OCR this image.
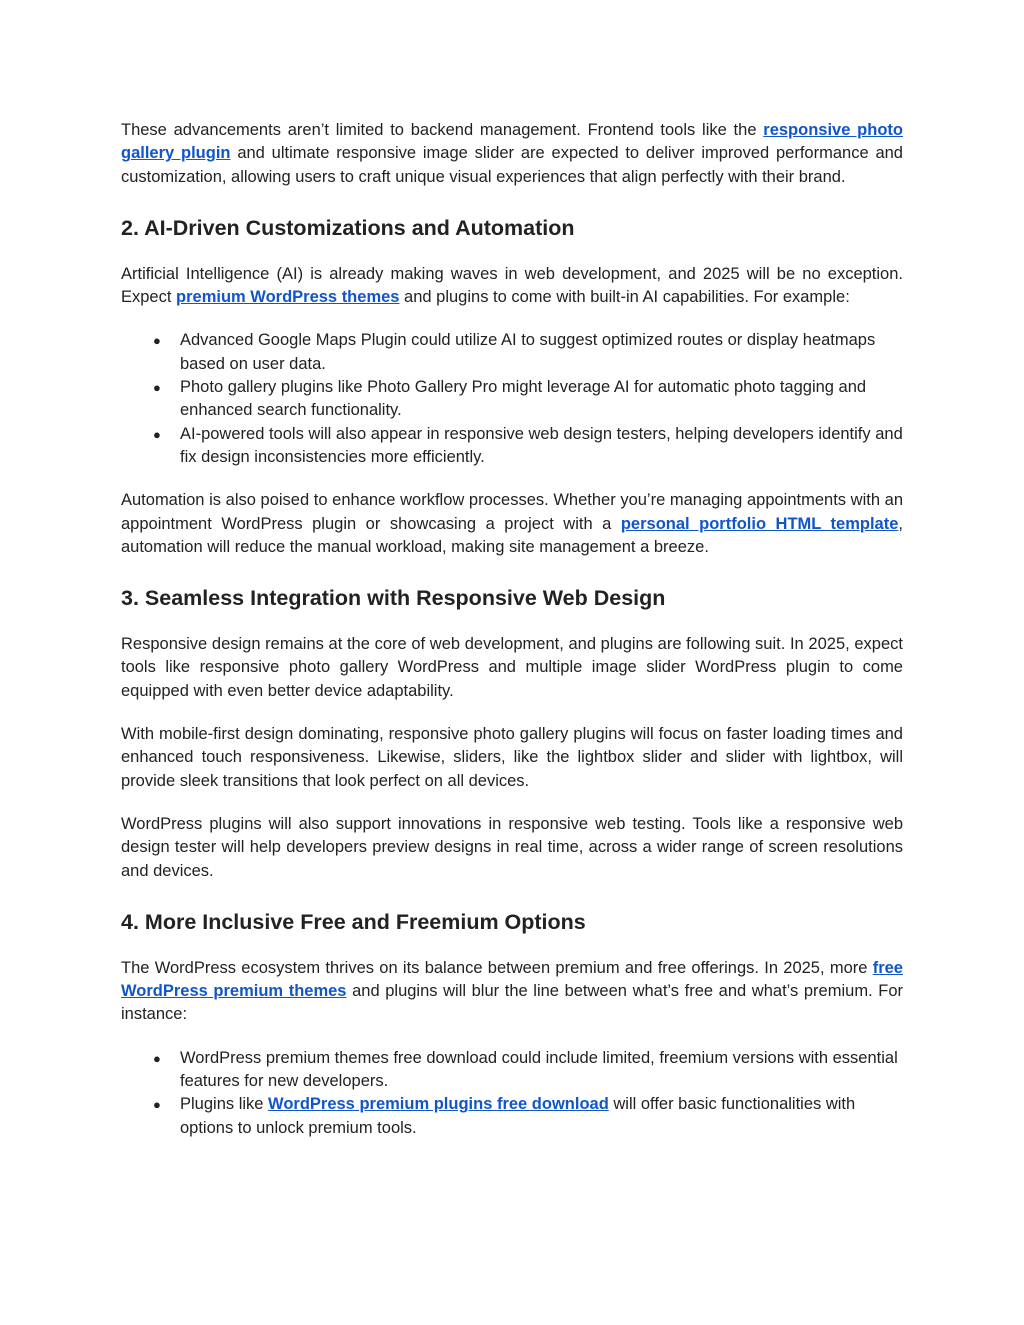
These advancements aren’t limited to backend management. Frontend tools like the responsive photo gallery plugin and ultimate responsive image slider are expected to deliver improved performance and customization, allowing users to craft unique visual experiences that align perfectly with their brand.

2. AI-Driven Customizations and Automation

Artificial Intelligence (AI) is already making waves in web development, and 2025 will be no exception. Expect premium WordPress themes and plugins to come with built-in AI capabilities. For example:

● Advanced Google Maps Plugin could utilize AI to suggest optimized routes or display heatmaps based on user data.
● Photo gallery plugins like Photo Gallery Pro might leverage AI for automatic photo tagging and enhanced search functionality.
● AI-powered tools will also appear in responsive web design testers, helping developers identify and fix design inconsistencies more efficiently.

Automation is also poised to enhance workflow processes. Whether you’re managing appointments with an appointment WordPress plugin or showcasing a project with a personal portfolio HTML template, automation will reduce the manual workload, making site management a breeze.

3. Seamless Integration with Responsive Web Design

Responsive design remains at the core of web development, and plugins are following suit. In 2025, expect tools like responsive photo gallery WordPress and multiple image slider WordPress plugin to come equipped with even better device adaptability.

With mobile-first design dominating, responsive photo gallery plugins will focus on faster loading times and enhanced touch responsiveness. Likewise, sliders, like the lightbox slider and slider with lightbox, will provide sleek transitions that look perfect on all devices.

WordPress plugins will also support innovations in responsive web testing. Tools like a responsive web design tester will help developers preview designs in real time, across a wider range of screen resolutions and devices.

4. More Inclusive Free and Freemium Options

The WordPress ecosystem thrives on its balance between premium and free offerings. In 2025, more free WordPress premium themes and plugins will blur the line between what’s free and what’s premium. For instance:

● WordPress premium themes free download could include limited, freemium versions with essential features for new developers.
● Plugins like WordPress premium plugins free download will offer basic functionalities with options to unlock premium tools.
